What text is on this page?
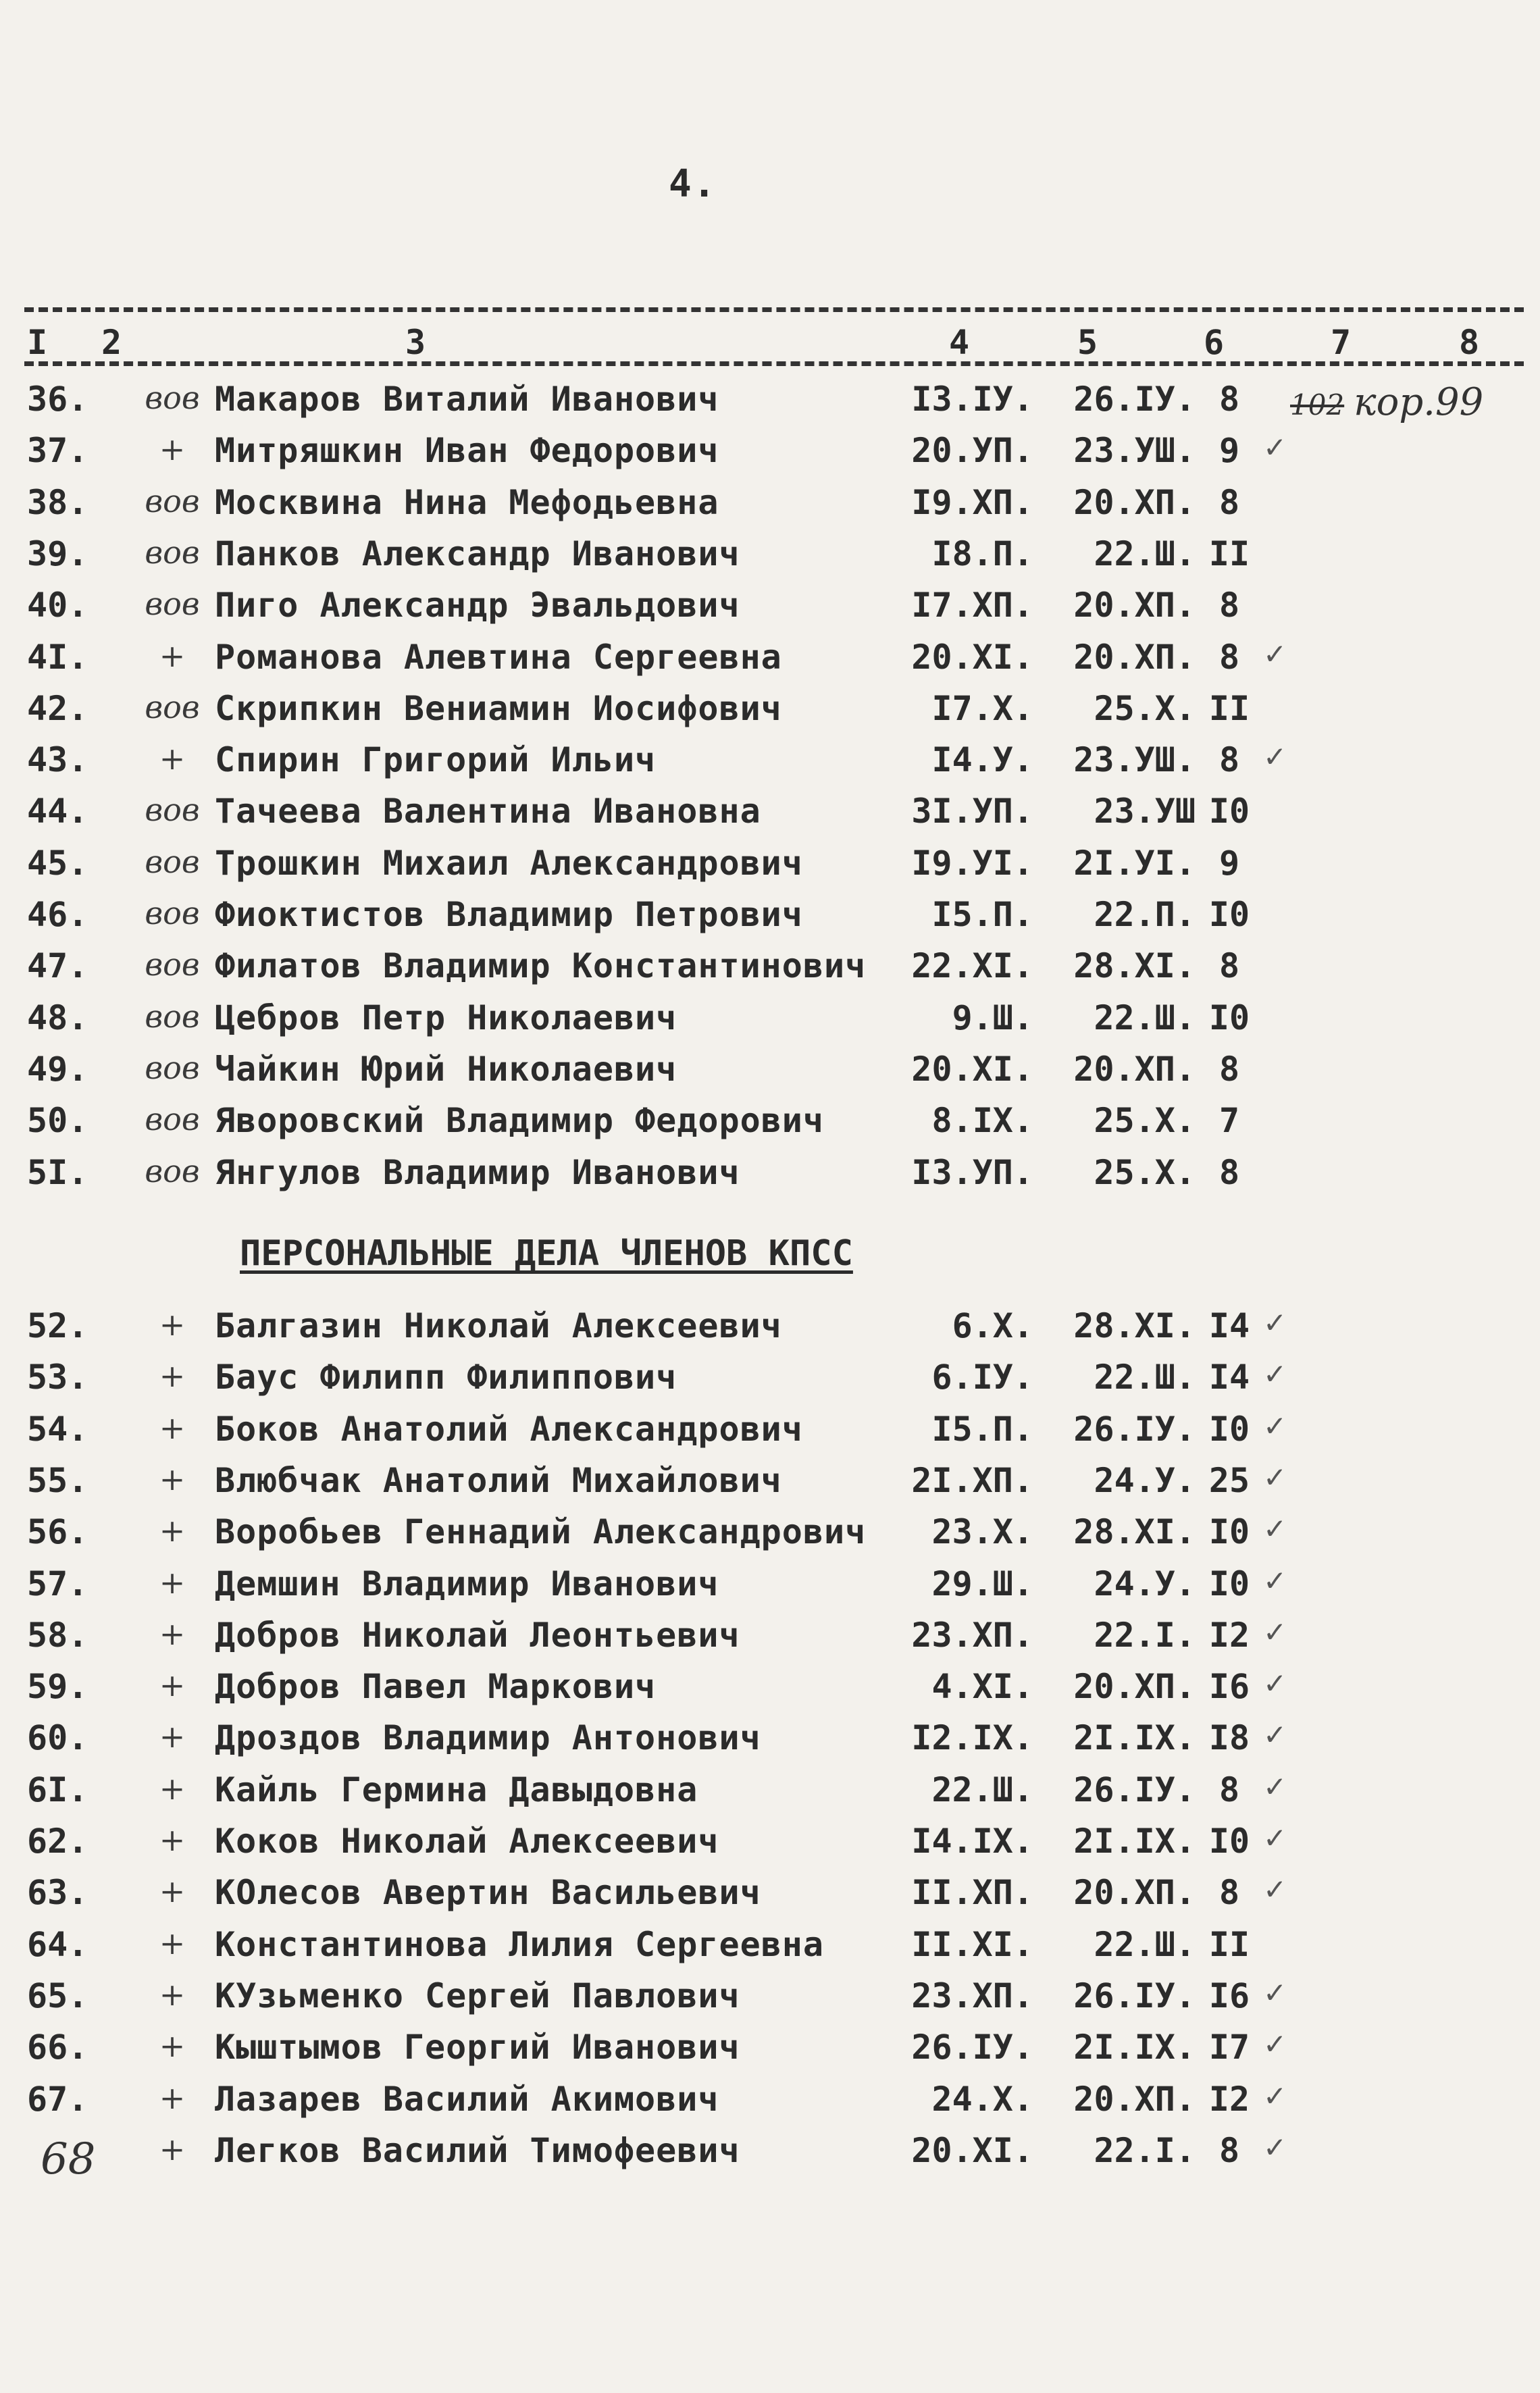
4.
I 2	3	4	5	6	7	8
102 кор.99
36.	вов Макаров Виталий Иванович	I3.IУ.	26.IУ. 8
37.	+ Митряшкин Иван Федорович	20.УП.	23.УШ. 9 ✓
38.	вов Москвина Нина Мефодьевна	I9.XП.	20.XП. 8
39.	вов Панков Александр Иванович	I8.П.	22.Ш. II
40.	вов Пиго Александр Эвальдович	I7.XП.	20.XП. 8
4I.	+ Романова Алевтина Сергеевна	20.XI.	20.XП. 8 ✓
42.	вов Скрипкин Вениамин Иосифович	I7.X.	25.X. II
43.	+ Спирин Григорий Ильич	I4.У.	23.УШ. 8 ✓
44.	вов Тачеева Валентина Ивановна	3I.УП.	23.УШ I0
45.	вов Трошкин Михаил Александрович	I9.УI.	2I.УI. 9
46.	вов Фиоктистов Владимир Петрович	I5.П.	22.П. I0
47.	вов Филатов Владимир Константинович	22.XI.	28.XI. 8
48.	вов Цебров Петр Николаевич	9.Ш.	22.Ш. I0
49.	вов Чайкин Юрий Николаевич	20.XI.	20.XП. 8
50.	вов Яворовский Владимир Федорович	8.IX.	25.X. 7
5I.	вов Янгулов Владимир Иванович	I3.УП.	25.X. 8
ПЕРСОНАЛЬНЫЕ ДЕЛА ЧЛЕНОВ КПСС
52.	+ Балгазин Николай Алексеевич	6.X.	28.XI. I4 ✓
53.	+ Баус Филипп Филиппович	6.IУ.	22.Ш. I4 ✓
54.	+ Боков Анатолий Александрович	I5.П.	26.IУ. I0 ✓
55.	+ Влюбчак Анатолий Михайлович	2I.XП.	24.У. 25 ✓
56.	+ Воробьев Геннадий Александрович	23.X.	28.XI. I0 ✓
57.	+ Демшин Владимир Иванович	29.Ш.	24.У. I0 ✓
58.	+ Добров Николай Леонтьевич	23.XП.	22.I. I2 ✓
59.	+ Добров Павел Маркович	4.XI.	20.XП. I6 ✓
60.	+ Дроздов Владимир Антонович	I2.IX.	2I.IX. I8 ✓
6I.	+ Кайль Гермина Давыдовна	22.Ш.	26.IУ. 8 ✓
62.	+ Коков Николай Алексеевич	I4.IX.	2I.IX. I0 ✓
63.	+ КОлесов Авертин Васильевич	II.XП.	20.XП. 8 ✓
64.	+ Константинова Лилия Сергеевна	II.XI.	22.Ш. II
65.	+ КУзьменко Сергей Павлович	23.XП.	26.IУ. I6 ✓
66.	+ Кыштымов Георгий Иванович	26.IУ.	2I.IX. I7 ✓
67.	+ Лазарев Василий Акимович	24.X.	20.XП. I2 ✓
+ Легков Василий Тимофеевич	20.XI.	22.I. 8 ✓
68
